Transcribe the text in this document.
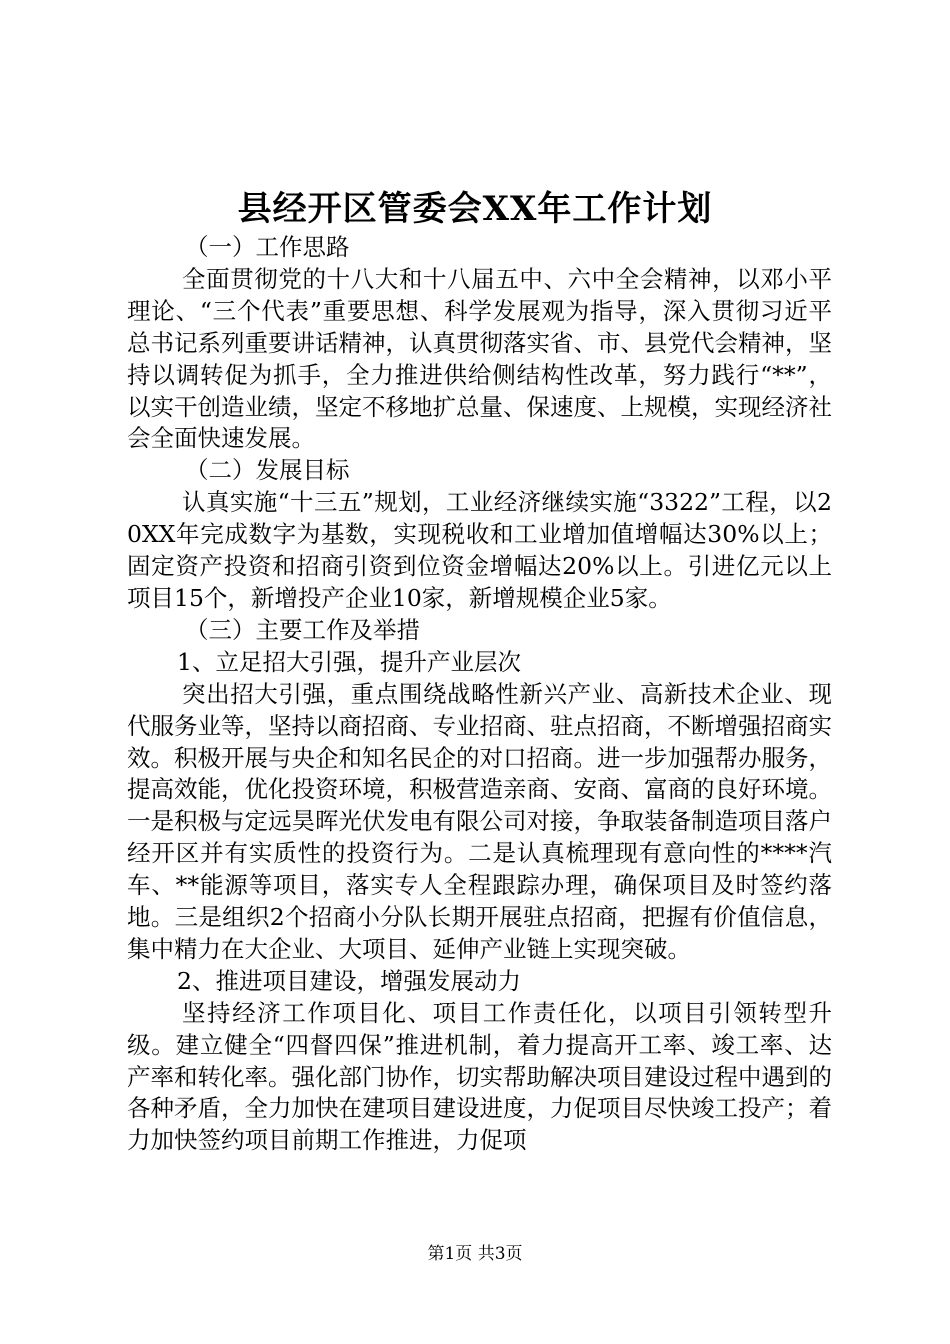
县经开区管委会XX年工作计划

（一）工作思路

全面贯彻党的十八大和十八届五中、六中全会精神，以邓小平理论、“三个代表”重要思想、科学发展观为指导，深入贯彻习近平总书记系列重要讲话精神，认真贯彻落实省、市、县党代会精神，坚持以调转促为抓手，全力推进供给侧结构性改革，努力践行“**”，以实干创造业绩，坚定不移地扩总量、保速度、上规模，实现经济社会全面快速发展。

（二）发展目标

认真实施“十三五”规划，工业经济继续实施“3322”工程，以20XX年完成数字为基数，实现税收和工业增加值增幅达30%以上；固定资产投资和招商引资到位资金增幅达20%以上。引进亿元以上项目15个，新增投产企业10家，新增规模企业5家。

（三）主要工作及举措

1、立足招大引强，提升产业层次

突出招大引强，重点围绕战略性新兴产业、高新技术企业、现代服务业等，坚持以商招商、专业招商、驻点招商，不断增强招商实效。积极开展与央企和知名民企的对口招商。进一步加强帮办服务，提高效能，优化投资环境，积极营造亲商、安商、富商的良好环境。一是积极与定远昊晖光伏发电有限公司对接，争取装备制造项目落户经开区并有实质性的投资行为。二是认真梳理现有意向性的****汽车、**能源等项目，落实专人全程跟踪办理，确保项目及时签约落地。三是组织2个招商小分队长期开展驻点招商，把握有价值信息，集中精力在大企业、大项目、延伸产业链上实现突破。

2、推进项目建设，增强发展动力

坚持经济工作项目化、项目工作责任化，以项目引领转型升级。建立健全“四督四保”推进机制，着力提高开工率、竣工率、达产率和转化率。强化部门协作，切实帮助解决项目建设过程中遇到的各种矛盾，全力加快在建项目建设进度，力促项目尽快竣工投产；着力加快签约项目前期工作推进，力促项

第1页 共3页
